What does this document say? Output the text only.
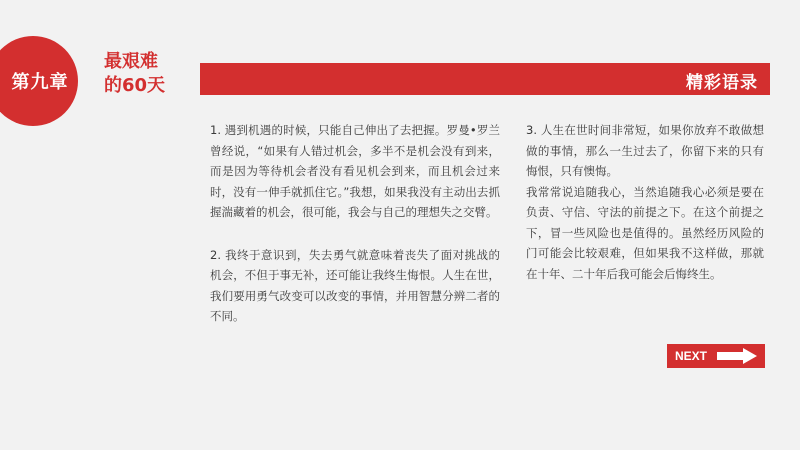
第九章
最艰难
的60天	精彩语录

1. 遇到机遇的时候，只能自己伸出了去把握。罗曼•罗兰曾经说，“如果有人错过机会，多半不是机会没有到来，而是因为等待机会者没有看见机会到来，而且机会过来时，没有一伸手就抓住它。”我想，如果我没有主动出去抓握湍藏着的机会，很可能，我会与自己的理想失之交臂。

2. 我终于意识到，失去勇气就意味着丧失了面对挑战的机会，不但于事无补，还可能让我终生悔恨。人生在世，我们要用勇气改变可以改变的事情，并用智慧分辨二者的不同。

3. 人生在世时间非常短，如果你放弃不敢做想做的事情，那么一生过去了，你留下来的只有悔恨，只有懊悔。

我常常说追随我心，当然追随我心必须是要在负责、守信、守法的前提之下。在这个前提之下，冒一些风险也是值得的。虽然经历风险的门可能会比较艰难，但如果我不这样做，那就在十年、二十年后我可能会后悔终生。

NEXT
